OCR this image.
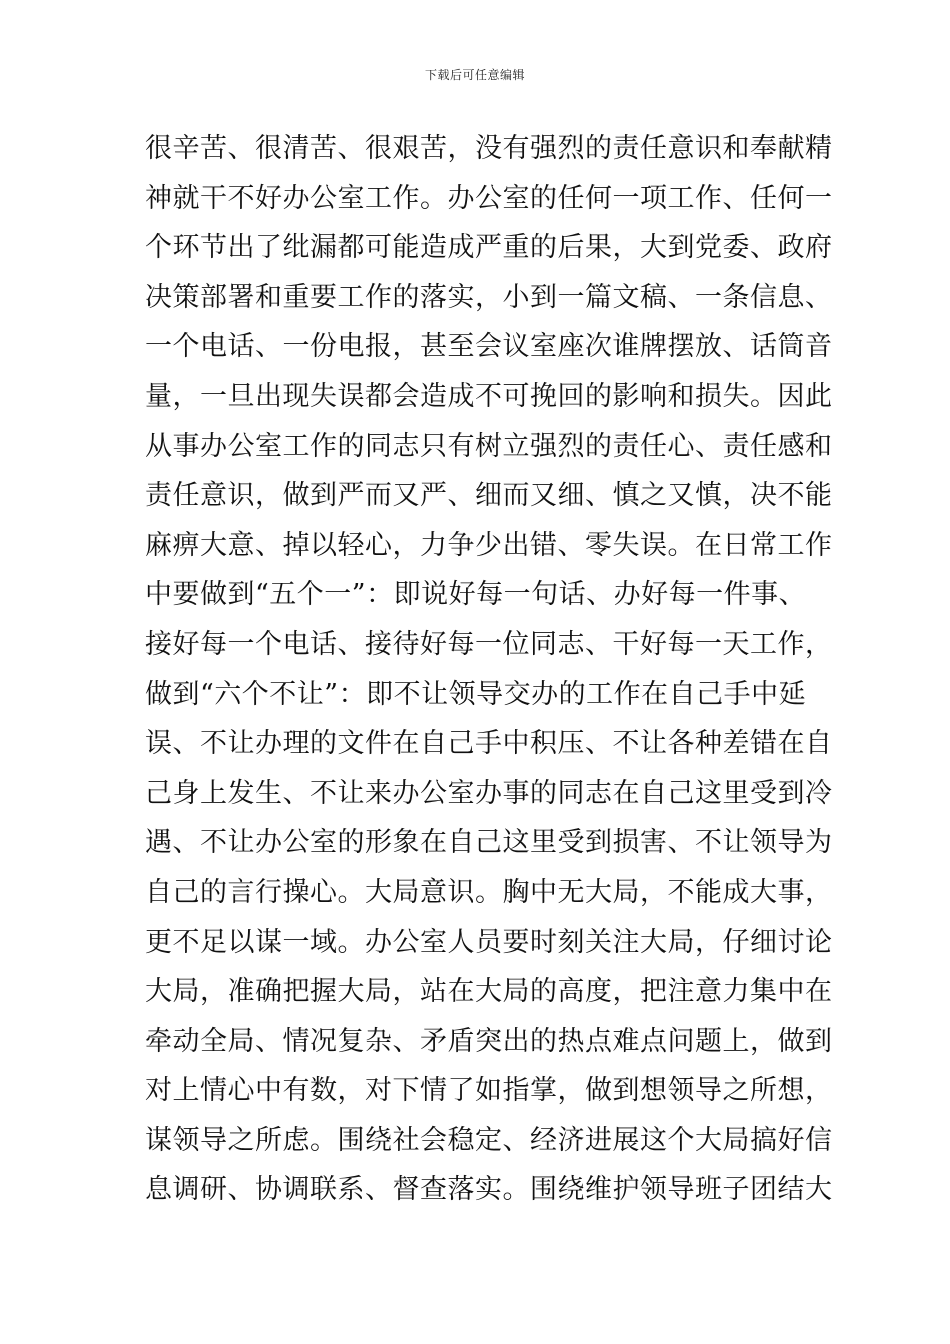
下载后可任意编辑
很辛苦、很清苦、很艰苦，没有强烈的责任意识和奉献精
神就干不好办公室工作。办公室的任何一项工作、任何一
个环节出了纰漏都可能造成严重的后果，大到党委、政府
决策部署和重要工作的落实，小到一篇文稿、一条信息、
一个电话、一份电报，甚至会议室座次谁牌摆放、话筒音
量，一旦出现失误都会造成不可挽回的影响和损失。因此
从事办公室工作的同志只有树立强烈的责任心、责任感和
责任意识，做到严而又严、细而又细、慎之又慎，决不能
麻痹大意、掉以轻心，力争少出错、零失误。在日常工作
中要做到“五个一”：即说好每一句话、办好每一件事、
接好每一个电话、接待好每一位同志、干好每一天工作，
做到“六个不让”：即不让领导交办的工作在自己手中延
误、不让办理的文件在自己手中积压、不让各种差错在自
己身上发生、不让来办公室办事的同志在自己这里受到冷
遇、不让办公室的形象在自己这里受到损害、不让领导为
自己的言行操心。大局意识。胸中无大局，不能成大事，
更不足以谋一域。办公室人员要时刻关注大局，仔细讨论
大局，准确把握大局，站在大局的高度，把注意力集中在
牵动全局、情况复杂、矛盾突出的热点难点问题上，做到
对上情心中有数，对下情了如指掌，做到想领导之所想，
谋领导之所虑。围绕社会稳定、经济进展这个大局搞好信
息调研、协调联系、督查落实。围绕维护领导班子团结大
